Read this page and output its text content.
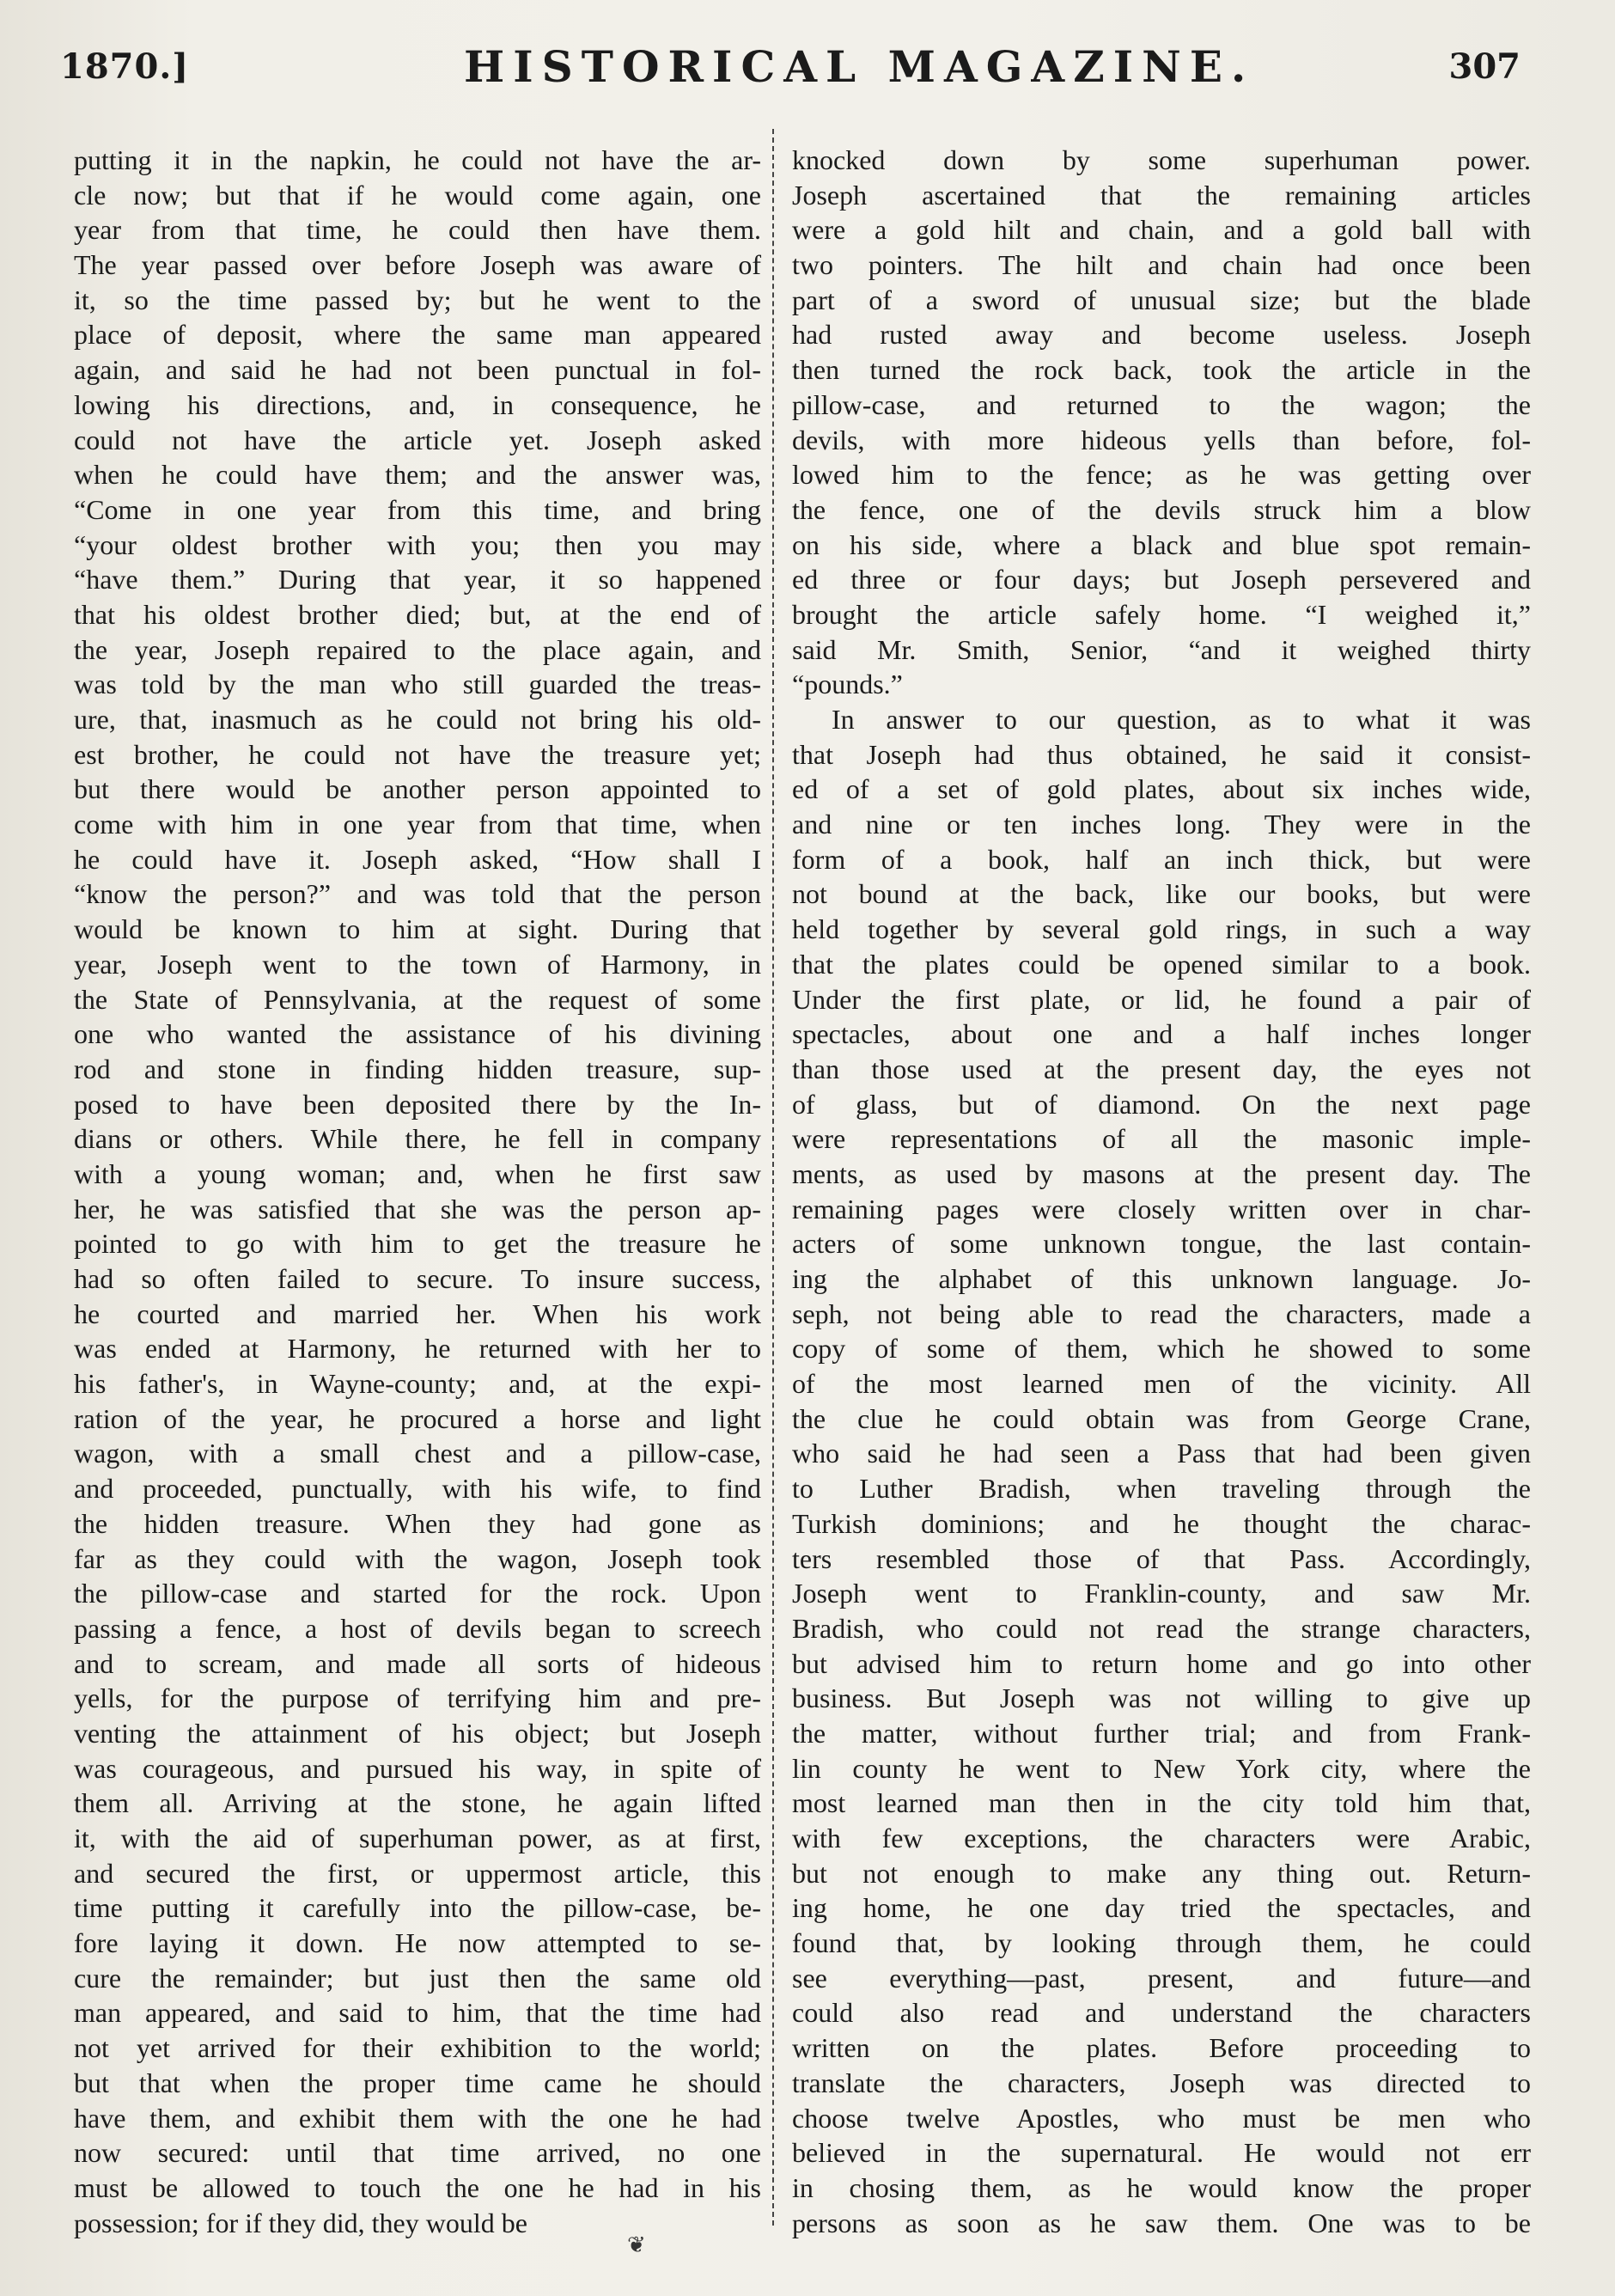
1870.]	HISTORICAL MAGAZINE.	307
putting it in the napkin, he could not have the ar-
cle now; but that if he would come again, one
year from that time, he could then have them.
The year passed over before Joseph was aware of
it, so the time passed by; but he went to the
place of deposit, where the same man appeared
again, and said he had not been punctual in fol-
lowing his directions, and, in consequence, he
could not have the article yet. Joseph asked
when he could have them; and the answer was,
“Come in one year from this time, and bring
“your oldest brother with you; then you may
“have them.” During that year, it so happened
that his oldest brother died; but, at the end of
the year, Joseph repaired to the place again, and
was told by the man who still guarded the treas-
ure, that, inasmuch as he could not bring his old-
est brother, he could not have the treasure yet;
but there would be another person appointed to
come with him in one year from that time, when
he could have it. Joseph asked, “How shall I
“know the person?” and was told that the person
would be known to him at sight. During that
year, Joseph went to the town of Harmony, in
the State of Pennsylvania, at the request of some
one who wanted the assistance of his divining
rod and stone in finding hidden treasure, sup-
posed to have been deposited there by the In-
dians or others. While there, he fell in company
with a young woman; and, when he first saw
her, he was satisfied that she was the person ap-
pointed to go with him to get the treasure he
had so often failed to secure. To insure success,
he courted and married her. When his work
was ended at Harmony, he returned with her to
his father's, in Wayne-county; and, at the expi-
ration of the year, he procured a horse and light
wagon, with a small chest and a pillow-case,
and proceeded, punctually, with his wife, to find
the hidden treasure. When they had gone as
far as they could with the wagon, Joseph took
the pillow-case and started for the rock. Upon
passing a fence, a host of devils began to screech
and to scream, and made all sorts of hideous
yells, for the purpose of terrifying him and pre-
venting the attainment of his object; but Joseph
was courageous, and pursued his way, in spite of
them all. Arriving at the stone, he again lifted
it, with the aid of superhuman power, as at first,
and secured the first, or uppermost article, this
time putting it carefully into the pillow-case, be-
fore laying it down. He now attempted to se-
cure the remainder; but just then the same old
man appeared, and said to him, that the time had
not yet arrived for their exhibition to the world;
but that when the proper time came he should
have them, and exhibit them with the one he had
now secured: until that time arrived, no one
must be allowed to touch the one he had in his
possession; for if they did, they would be
knocked down by some superhuman power.
Joseph ascertained that the remaining articles
were a gold hilt and chain, and a gold ball with
two pointers. The hilt and chain had once been
part of a sword of unusual size; but the blade
had rusted away and become useless. Joseph
then turned the rock back, took the article in the
pillow-case, and returned to the wagon; the
devils, with more hideous yells than before, fol-
lowed him to the fence; as he was getting over
the fence, one of the devils struck him a blow
on his side, where a black and blue spot remain-
ed three or four days; but Joseph persevered and
brought the article safely home. “I weighed it,”
said Mr. Smith, Senior, “and it weighed thirty
“pounds.”
In answer to our question, as to what it was
that Joseph had thus obtained, he said it consist-
ed of a set of gold plates, about six inches wide,
and nine or ten inches long. They were in the
form of a book, half an inch thick, but were
not bound at the back, like our books, but were
held together by several gold rings, in such a way
that the plates could be opened similar to a book.
Under the first plate, or lid, he found a pair of
spectacles, about one and a half inches longer
than those used at the present day, the eyes not
of glass, but of diamond. On the next page
were representations of all the masonic imple-
ments, as used by masons at the present day. The
remaining pages were closely written over in char-
acters of some unknown tongue, the last contain-
ing the alphabet of this unknown language. Jo-
seph, not being able to read the characters, made a
copy of some of them, which he showed to some
of the most learned men of the vicinity. All
the clue he could obtain was from George Crane,
who said he had seen a Pass that had been given
to Luther Bradish, when traveling through the
Turkish dominions; and he thought the charac-
ters resembled those of that Pass. Accordingly,
Joseph went to Franklin-county, and saw Mr.
Bradish, who could not read the strange characters,
but advised him to return home and go into other
business. But Joseph was not willing to give up
the matter, without further trial; and from Frank-
lin county he went to New York city, where the
most learned man then in the city told him that,
with few exceptions, the characters were Arabic,
but not enough to make any thing out. Return-
ing home, he one day tried the spectacles, and
found that, by looking through them, he could
see everything—past, present, and future—and
could also read and understand the characters
written on the plates. Before proceeding to
translate the characters, Joseph was directed to
choose twelve Apostles, who must be men who
believed in the supernatural. He would not err
in chosing them, as he would know the proper
persons as soon as he saw them. One was to be
❦
